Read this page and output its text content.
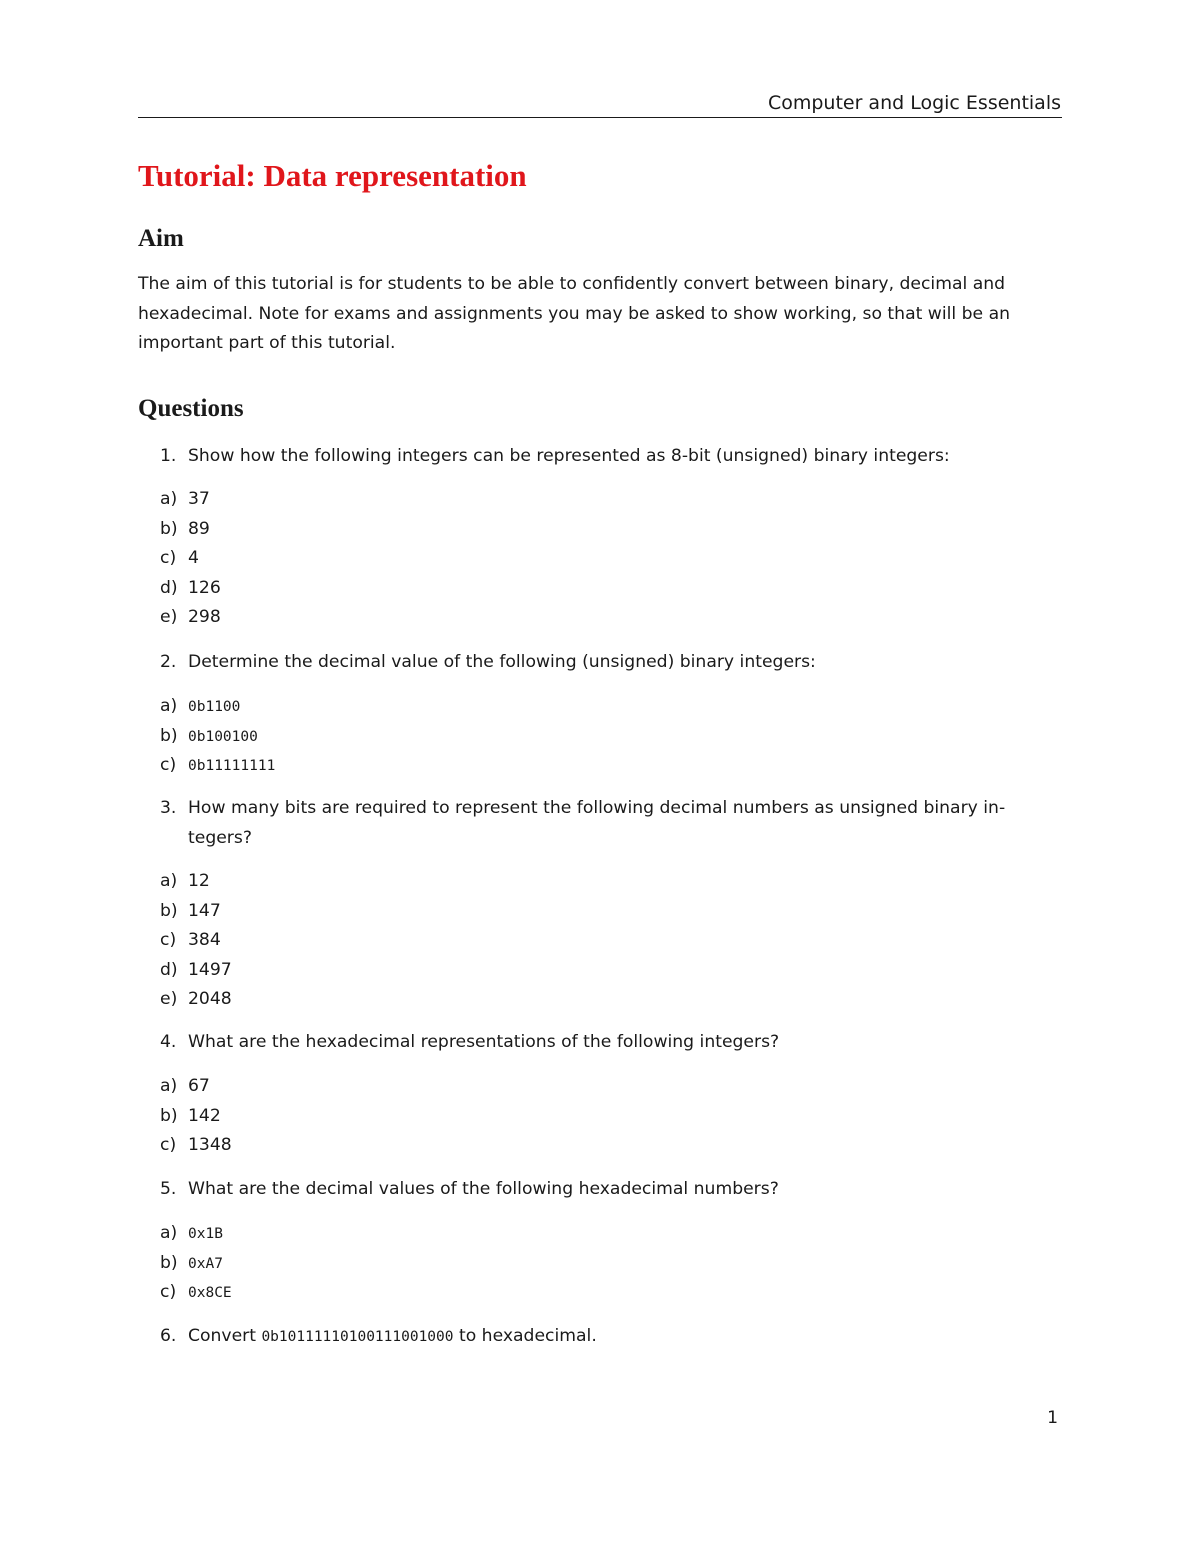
Computer and Logic Essentials
Tutorial: Data representation
Aim

The aim of this tutorial is for students to be able to confidently convert between binary, decimal and hexadecimal. Note for exams and assignments you may be asked to show working, so that will be an important part of this tutorial.

Questions
1. Show how the following integers can be represented as 8-bit (unsigned) binary integers:
a) 37
b) 89
c) 4
d) 126
e) 298
2. Determine the decimal value of the following (unsigned) binary integers:
a) 0b1100
b) 0b100100
c) 0b11111111
3. How many bits are required to represent the following decimal numbers as unsigned binary in-
tegers?
a) 12
b) 147
c) 384
d) 1497
e) 2048
4. What are the hexadecimal representations of the following integers?
a) 67
b) 142
c) 1348
5. What are the decimal values of the following hexadecimal numbers?
a) 0x1B
b) 0xA7
c) 0x8CE
6. Convert 0b10111110100111001000 to hexadecimal.
1
